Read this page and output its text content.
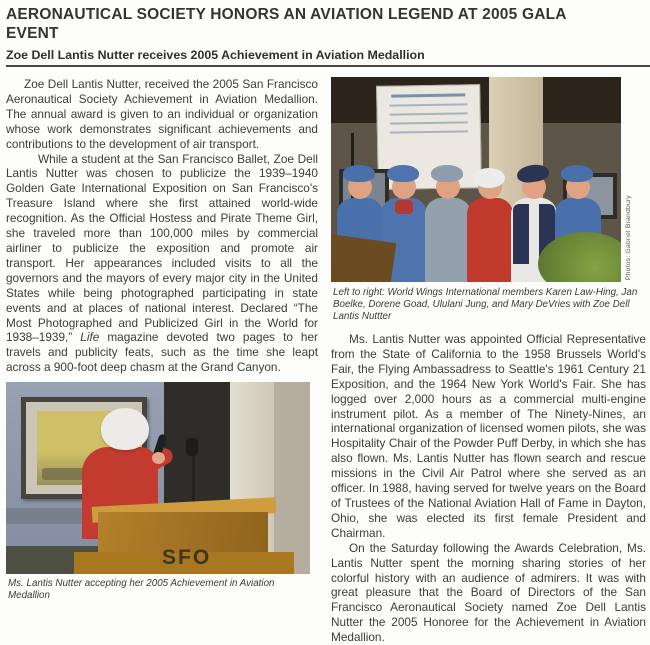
AERONAUTICAL SOCIETY HONORS AN AVIATION LEGEND AT 2005 GALA EVENT
Zoe Dell Lantis Nutter receives 2005 Achievement in Aviation Medallion

Zoe Dell Lantis Nutter, received the 2005 San Francisco Aeronautical Society Achievement in Aviation Medallion. The annual award is given to an individual or organization whose work demonstrates significant achievements and contributions to the development of air transport.

While a student at the San Francisco Ballet, Zoe Dell Lantis Nutter was chosen to publicize the 1939–1940 Golden Gate International Exposition on San Francisco's Treasure Island where she first attained world-wide recognition. As the Official Hostess and Pirate Theme Girl, she traveled more than 100,000 miles by commercial airliner to publicize the exposition and promote air transport. Her appearances included visits to all the governors and the mayors of every major city in the United States while being photographed participating in state events and at places of national interest. Declared “The Most Photographed and Publicized Girl in the World for 1938–1939,” Life magazine devoted two pages to her travels and publicity feats, such as the time she leapt across a 900-foot deep chasm at the Grand Canyon.

SFO
Ms. Lantis Nutter accepting her 2005 Achievement in Aviation Medallion
Photos: Gabriel Brandbury
Left to right: World Wings International members Karen Law-Hing, Jan Boelke, Dorene Goad, Ululani Jung, and Mary DeVries with Zoe Dell Lantis Nuttter

Ms. Lantis Nutter was appointed Official Representative from the State of California to the 1958 Brussels World's Fair, the Flying Ambassadress to Seattle's 1961 Century 21 Exposition, and the 1964 New York World's Fair. She has logged over 2,000 hours as a commercial multi-engine instrument pilot. As a member of The Ninety-Nines, an international organization of licensed women pilots, she was Hospitality Chair of the Powder Puff Derby, in which she has also flown. Ms. Lantis Nutter has flown search and rescue missions in the Civil Air Patrol where she served as an officer. In 1988, having served for twelve years on the Board of Trustees of the National Aviation Hall of Fame in Dayton, Ohio, she was elected its first female President and Chairman.

On the Saturday following the Awards Celebration, Ms. Lantis Nutter spent the morning sharing stories of her colorful history with an audience of admirers. It was with great pleasure that the Board of Directors of the San Francisco Aeronautical Society named Zoe Dell Lantis Nutter the 2005 Honoree for the Achievement in Aviation Medallion.
